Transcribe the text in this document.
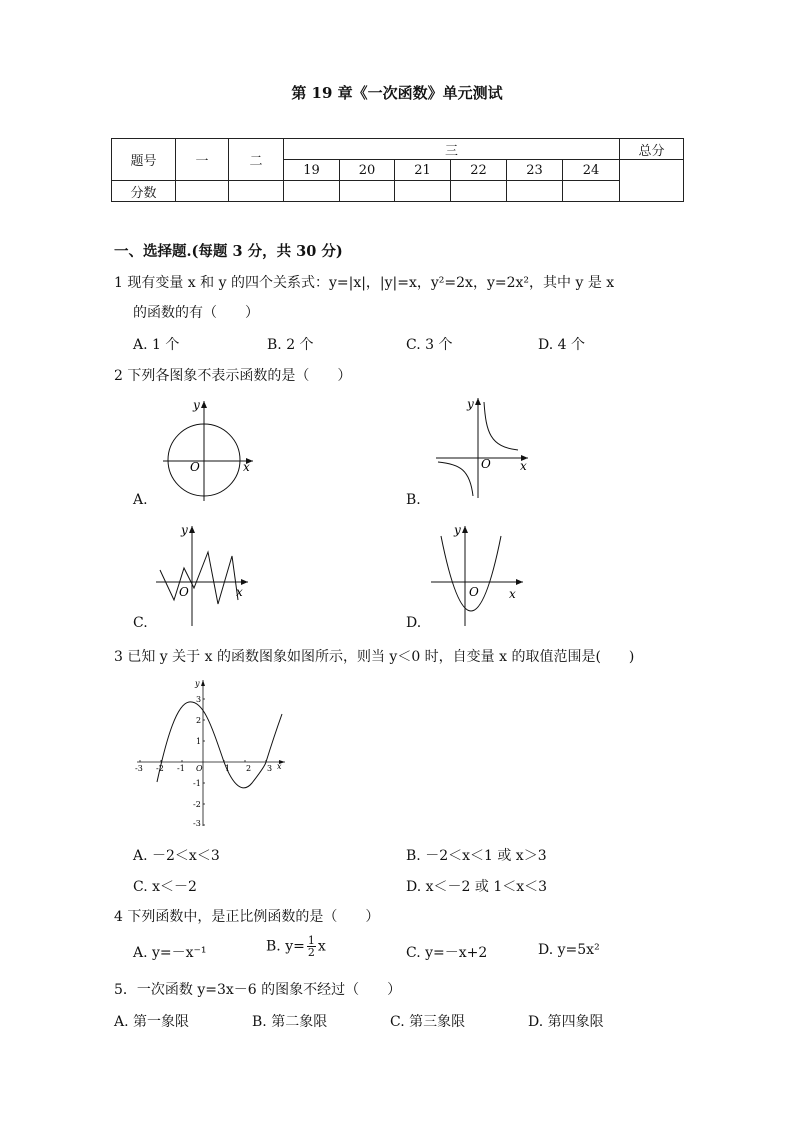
第 19 章《一次函数》单元测试
题号	一	二	三						总分
			19	20	21	22	23	24	
分数									
一、选择题.(每题 3 分，共 30 分)
1 现有变量 x 和 y 的四个关系式：y=|x|，|y|=x，y²=2x，y=2x²，其中 y 是 x
的函数的有（　　）
A. 1 个	B. 2 个	C. 3 个	D. 4 个
2 下列各图象不表示函数的是（　　）
O	x
y
A.
O x
y
B.
O	x
y
C.
O	x
y
D.
3 已知 y 关于 x 的函数图象如图所示，则当 y＜0 时，自变量 x 的取值范围是(　　)
-3 -2 -1 O	1 2 3 x
3
2
1
-1
-2
-3
y
A. －2＜x＜3	B. －2＜x＜1 或 x＞3
C. x＜－2	D. x＜－2 或 1＜x＜3
4 下列函数中，是正比例函数的是（　　）
A. y=－x⁻¹	B. $y= \frac{1}{2}$ x	C. y=－x+2	D. y=5x²
5．一次函数 y=3x－6 的图象不经过（　　）
A. 第一象限	B. 第二象限	C. 第三象限	D. 第四象限
